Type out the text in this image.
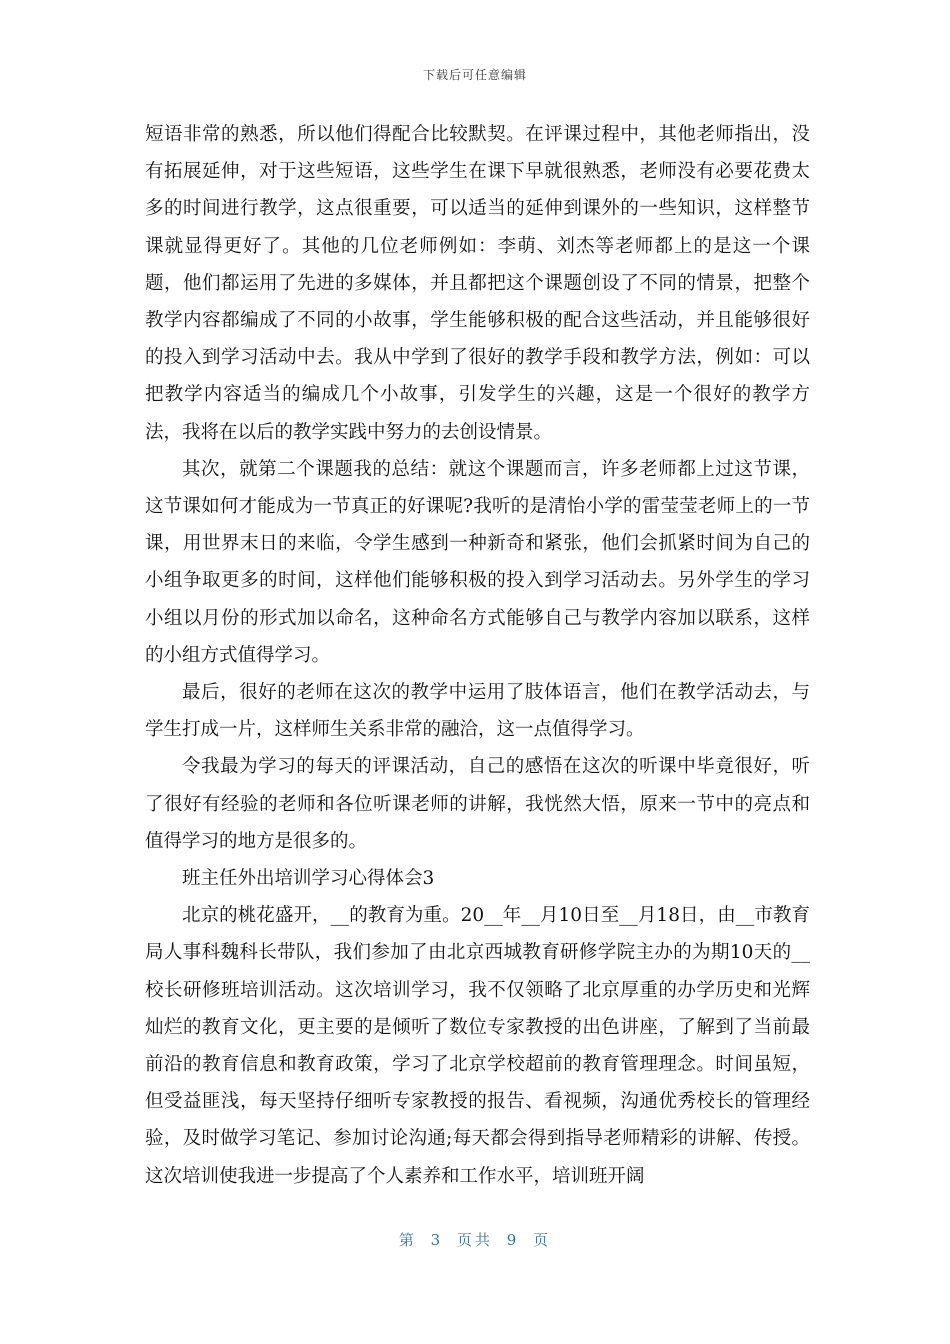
下载后可任意编辑

短语非常的熟悉，所以他们得配合比较默契。在评课过程中，其他老师指出，没有拓展延伸，对于这些短语，这些学生在课下早就很熟悉，老师没有必要花费太多的时间进行教学，这点很重要，可以适当的延伸到课外的一些知识，这样整节课就显得更好了。其他的几位老师例如：李萌、刘杰等老师都上的是这一个课题，他们都运用了先进的多媒体，并且都把这个课题创设了不同的情景，把整个教学内容都编成了不同的小故事，学生能够积极的配合这些活动，并且能够很好的投入到学习活动中去。我从中学到了很好的教学手段和教学方法，例如：可以把教学内容适当的编成几个小故事，引发学生的兴趣，这是一个很好的教学方法，我将在以后的教学实践中努力的去创设情景。

其次，就第二个课题我的总结：就这个课题而言，许多老师都上过这节课，这节课如何才能成为一节真正的好课呢?我听的是清怡小学的雷莹莹老师上的一节课，用世界末日的来临，令学生感到一种新奇和紧张，他们会抓紧时间为自己的小组争取更多的时间，这样他们能够积极的投入到学习活动去。另外学生的学习小组以月份的形式加以命名，这种命名方式能够自己与教学内容加以联系，这样的小组方式值得学习。

最后，很好的老师在这次的教学中运用了肢体语言，他们在教学活动去，与学生打成一片，这样师生关系非常的融洽，这一点值得学习。

令我最为学习的每天的评课活动，自己的感悟在这次的听课中毕竟很好，听了很好有经验的老师和各位听课老师的讲解，我恍然大悟，原来一节中的亮点和值得学习的地方是很多的。

班主任外出培训学习心得体会3

北京的桃花盛开，__的教育为重。20__年__月10日至__月18日，由__市教育局人事科魏科长带队，我们参加了由北京西城教育研修学院主办的为期10天的__校长研修班培训活动。这次培训学习，我不仅领略了北京厚重的办学历史和光辉灿烂的教育文化，更主要的是倾听了数位专家教授的出色讲座，了解到了当前最前沿的教育信息和教育政策，学习了北京学校超前的教育管理理念。时间虽短，但受益匪浅，每天坚持仔细听专家教授的报告、看视频，沟通优秀校长的管理经验，及时做学习笔记、参加讨论沟通;每天都会得到指导老师精彩的讲解、传授。这次培训使我进一步提高了个人素养和工作水平，培训班开阔

第 3 页共 9 页
